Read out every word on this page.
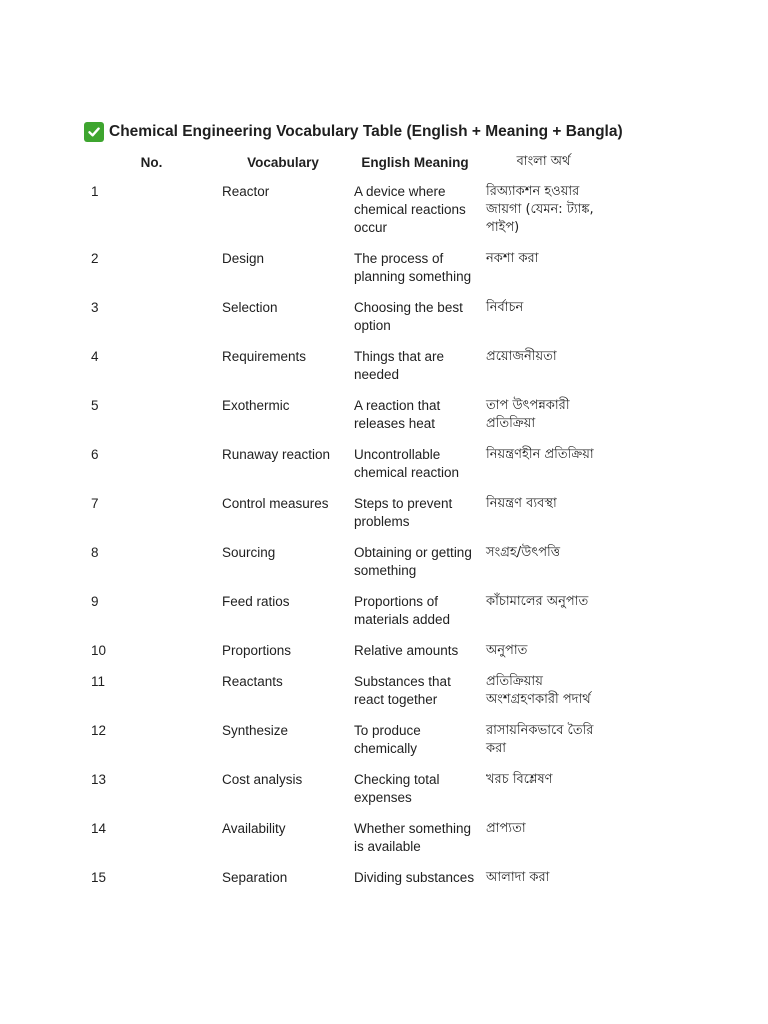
Chemical Engineering Vocabulary Table (English + Meaning + Bangla)
No.	Vocabulary	English Meaning	বাংলা অর্থ
1	Reactor	A device where chemical reactions occur	রিঅ্যাকশন হওয়ার জায়গা (যেমন: ট্যাঙ্ক, পাইপ)
2	Design	The process of planning something	নকশা করা
3	Selection	Choosing the best option	নির্বাচন
4	Requirements	Things that are needed	প্রয়োজনীয়তা
5	Exothermic	A reaction that releases heat	তাপ উৎপন্নকারী প্রতিক্রিয়া
6	Runaway reaction	Uncontrollable chemical reaction	নিয়ন্ত্রণহীন প্রতিক্রিয়া
7	Control measures	Steps to prevent problems	নিয়ন্ত্রণ ব্যবস্থা
8	Sourcing	Obtaining or getting something	সংগ্রহ/উৎপত্তি
9	Feed ratios	Proportions of materials added	কাঁচামালের অনুপাত
10	Proportions	Relative amounts	অনুপাত
11	Reactants	Substances that react together	প্রতিক্রিয়ায় অংশগ্রহণকারী পদার্থ
12	Synthesize	To produce chemically	রাসায়নিকভাবে তৈরি করা
13	Cost analysis	Checking total expenses	খরচ বিশ্লেষণ
14	Availability	Whether something is available	প্রাপ্যতা
15	Separation	Dividing substances	আলাদা করা
